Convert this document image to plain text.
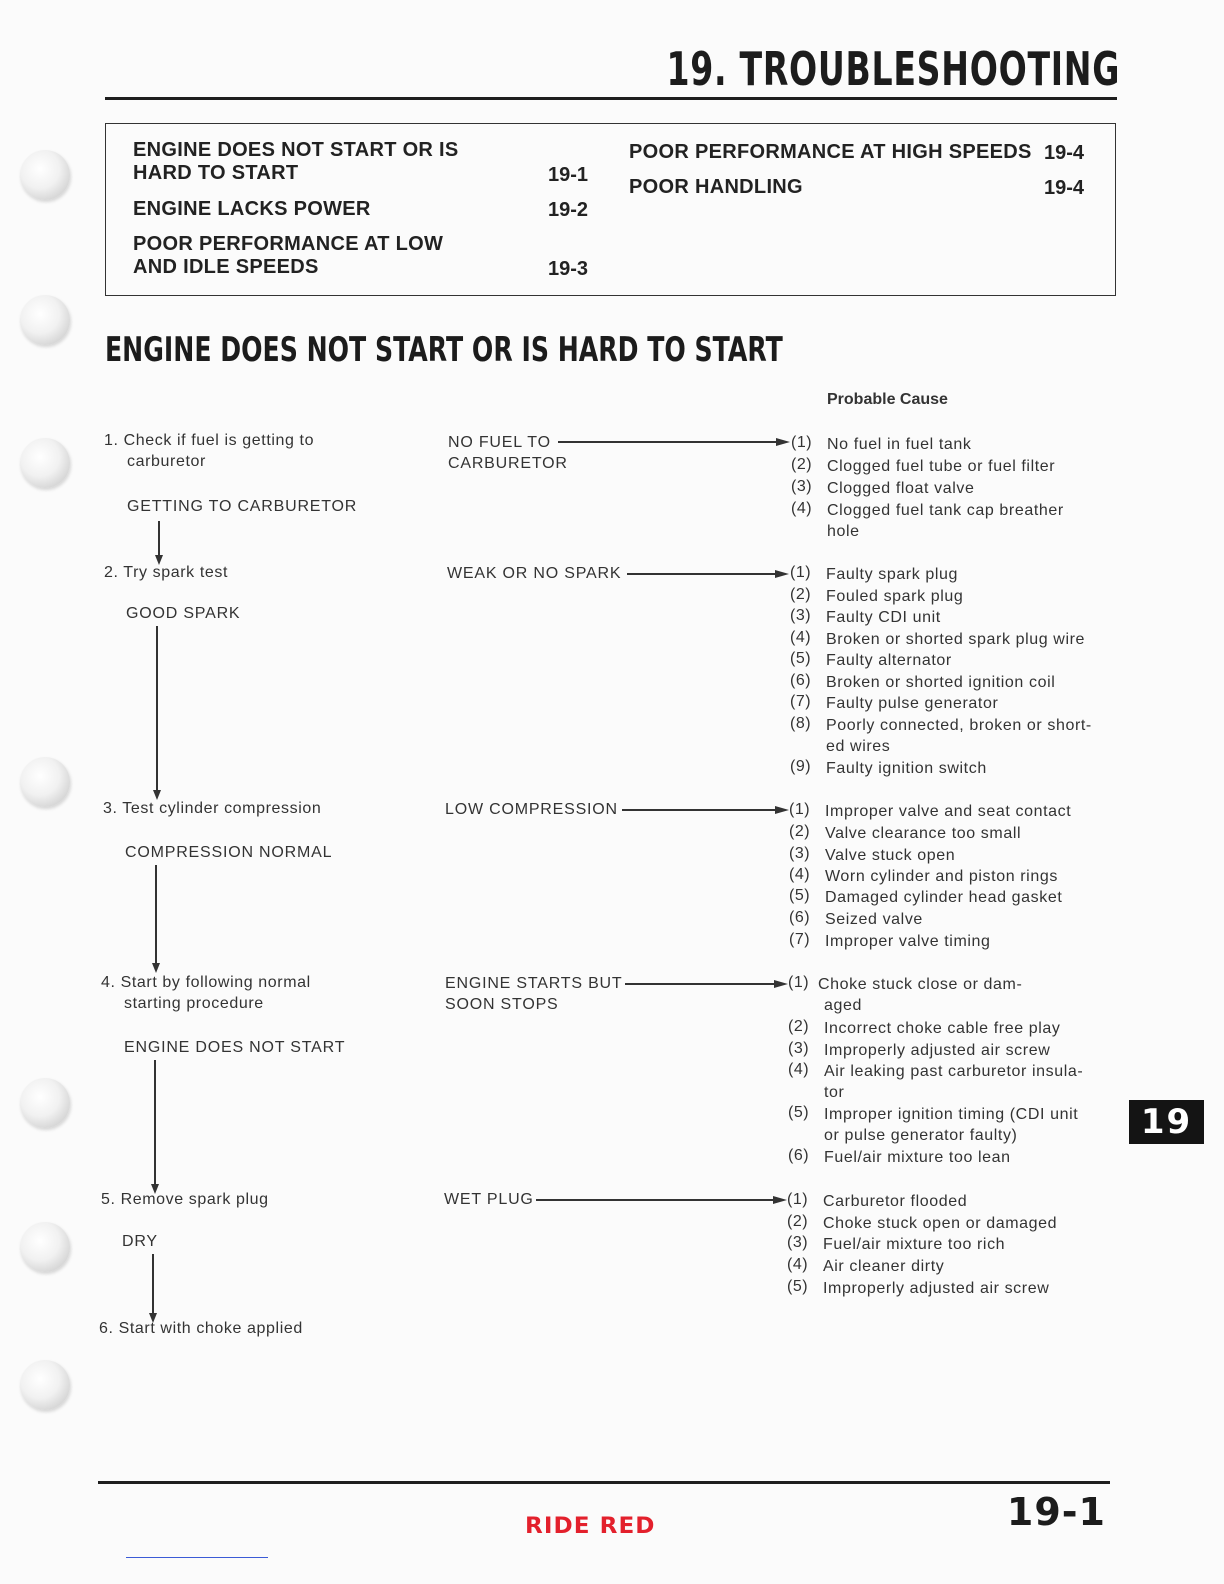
19. TROUBLESHOOTING
ENGINE DOES NOT START OR IS
HARD TO START	19-1
ENGINE LACKS POWER	19-2
POOR PERFORMANCE AT LOW
AND IDLE SPEEDS	19-3
POOR PERFORMANCE AT HIGH SPEEDS 19-4
POOR HANDLING	19-4
ENGINE DOES NOT START OR IS HARD TO START
Probable Cause
1. Check if fuel is getting to
carburetor
GETTING TO CARBURETOR
NO FUEL TO
CARBURETOR
(1) No fuel in fuel tank
(2) Clogged fuel tube or fuel filter
(3) Clogged float valve
(4) Clogged fuel tank cap breather
hole
2. Try spark test
GOOD SPARK
WEAK OR NO SPARK	(1) Faulty spark plug
(2) Fouled spark plug
(3) Faulty CDI unit
(4) Broken or shorted spark plug wire
(5) Faulty alternator
(6) Broken or shorted ignition coil
(7) Faulty pulse generator
(8) Poorly connected, broken or short-
ed wires
(9) Faulty ignition switch
3. Test cylinder compression
COMPRESSION NORMAL
LOW COMPRESSION	(1) Improper valve and seat contact
(2) Valve clearance too small
(3) Valve stuck open
(4) Worn cylinder and piston rings
(5) Damaged cylinder head gasket
(6) Seized valve
(7) Improper valve timing
4. Start by following normal
starting procedure
ENGINE DOES NOT START
ENGINE STARTS BUT
SOON STOPS
(1) Choke stuck close or dam-
aged
(2) Incorrect choke cable free play
(3) Improperly adjusted air screw
(4) Air leaking past carburetor insula-
tor
(5) Improper ignition timing (CDI unit
or pulse generator faulty)
(6) Fuel/air mixture too lean
5. Remove spark plug
DRY
WET PLUG	(1) Carburetor flooded
(2) Choke stuck open or damaged
(3) Fuel/air mixture too rich
(4) Air cleaner dirty
(5) Improperly adjusted air screw
6. Start with choke applied
19
RIDE RED	19-1
